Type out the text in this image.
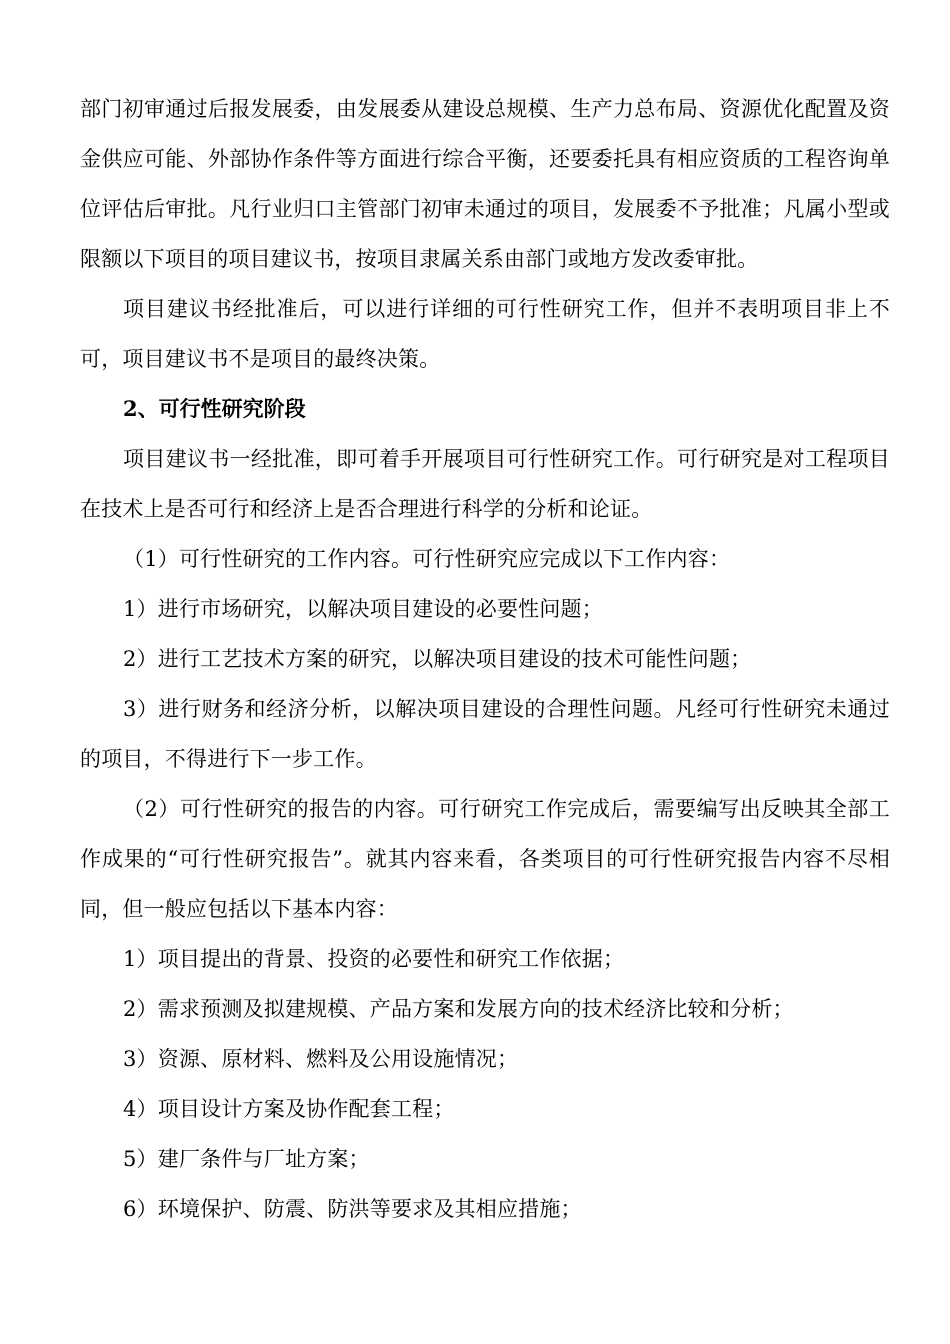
部门初审通过后报发展委，由发展委从建设总规模、生产力总布局、资源优化配置及资金供应可能、外部协作条件等方面进行综合平衡，还要委托具有相应资质的工程咨询单位评估后审批。凡行业归口主管部门初审未通过的项目，发展委不予批准；凡属小型或限额以下项目的项目建议书，按项目隶属关系由部门或地方发改委审批。

项目建议书经批准后，可以进行详细的可行性研究工作，但并不表明项目非上不可，项目建议书不是项目的最终决策。

2、可行性研究阶段

项目建议书一经批准，即可着手开展项目可行性研究工作。可行研究是对工程项目在技术上是否可行和经济上是否合理进行科学的分析和论证。

（1）可行性研究的工作内容。可行性研究应完成以下工作内容：

1）进行市场研究，以解决项目建设的必要性问题；

2）进行工艺技术方案的研究，以解决项目建设的技术可能性问题；

3）进行财务和经济分析，以解决项目建设的合理性问题。凡经可行性研究未通过的项目，不得进行下一步工作。

（2）可行性研究的报告的内容。可行研究工作完成后，需要编写出反映其全部工作成果的“可行性研究报告”。就其内容来看，各类项目的可行性研究报告内容不尽相同，但一般应包括以下基本内容：

1）项目提出的背景、投资的必要性和研究工作依据；

2）需求预测及拟建规模、产品方案和发展方向的技术经济比较和分析；

3）资源、原材料、燃料及公用设施情况；

4）项目设计方案及协作配套工程；

5）建厂条件与厂址方案；

6）环境保护、防震、防洪等要求及其相应措施；
